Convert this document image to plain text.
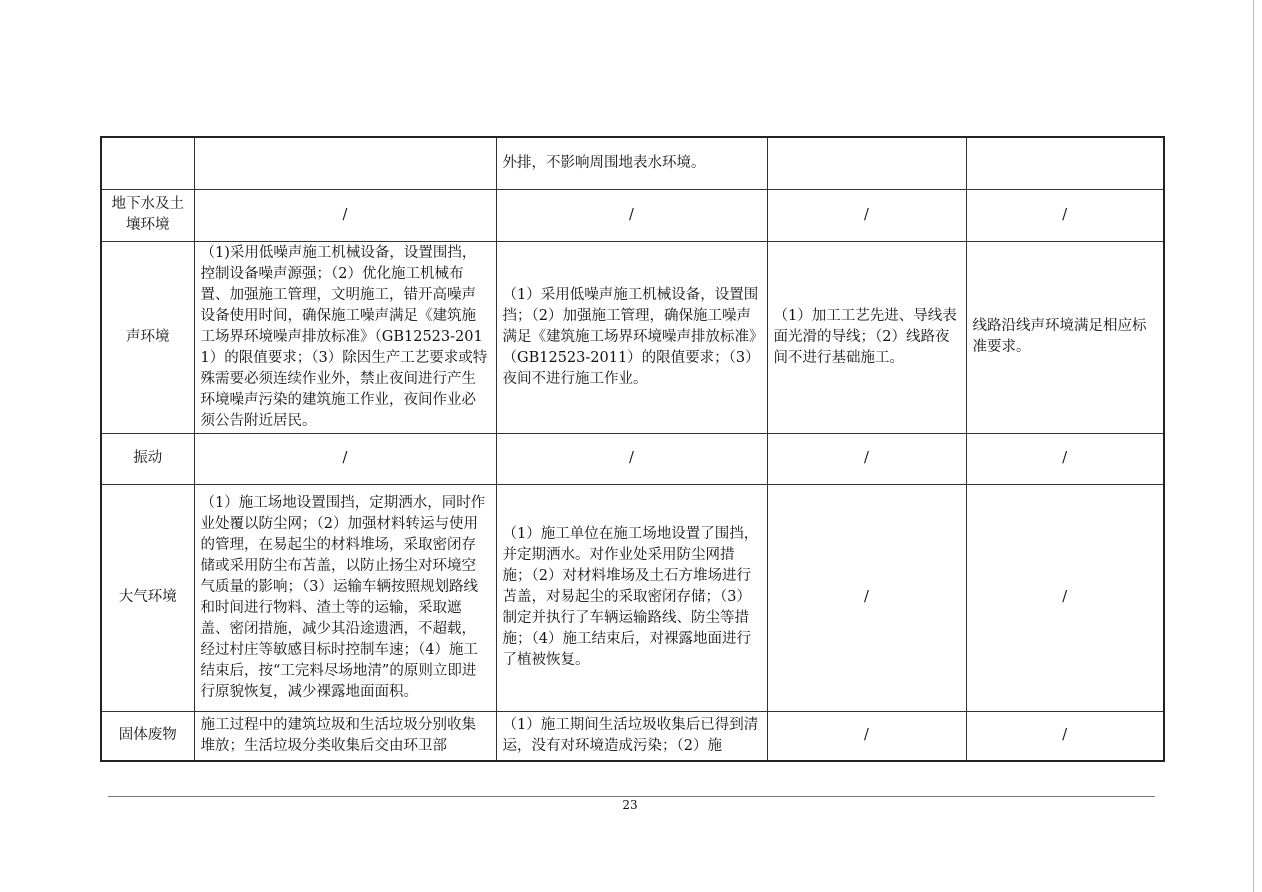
		外排，不影响周围地表水环境。		
地下水及土壤环境	/	/	/	/
声环境	（1)采用低噪声施工机械设备，设置围挡，控制设备噪声源强；（2）优化施工机械布置、加强施工管理，文明施工，错开高噪声设备使用时间，确保施工噪声满足《建筑施工场界环境噪声排放标准》（GB12523-2011）的限值要求；（3）除因生产工艺要求或特殊需要必须连续作业外，禁止夜间进行产生环境噪声污染的建筑施工作业，夜间作业必须公告附近居民。	（1）采用低噪声施工机械设备，设置围挡；（2）加强施工管理，确保施工噪声满足《建筑施工场界环境噪声排放标准》（GB12523-2011）的限值要求；（3）夜间不进行施工作业。	（1）加工工艺先进、导线表面光滑的导线；（2）线路夜间不进行基础施工。	线路沿线声环境满足相应标准要求。
振动	/	/	/	/
大气环境	（1）施工场地设置围挡，定期洒水，同时作业处覆以防尘网；（2）加强材料转运与使用的管理，在易起尘的材料堆场，采取密闭存储或采用防尘布苫盖，以防止扬尘对环境空气质量的影响；（3）运输车辆按照规划路线和时间进行物料、渣土等的运输，采取遮盖、密闭措施，减少其沿途遗洒，不超载，经过村庄等敏感目标时控制车速；（4）施工结束后，按“工完料尽场地清”的原则立即进行原貌恢复，减少裸露地面面积。	（1）施工单位在施工场地设置了围挡，并定期洒水。对作业处采用防尘网措施；（2）对材料堆场及土石方堆场进行苫盖，对易起尘的采取密闭存储；（3）制定并执行了车辆运输路线、防尘等措施；（4）施工结束后，对裸露地面进行了植被恢复。	/	/
固体废物	施工过程中的建筑垃圾和生活垃圾分别收集堆放；生活垃圾分类收集后交由环卫部	（1）施工期间生活垃圾收集后已得到清运，没有对环境造成污染；（2）施	/	/
23
